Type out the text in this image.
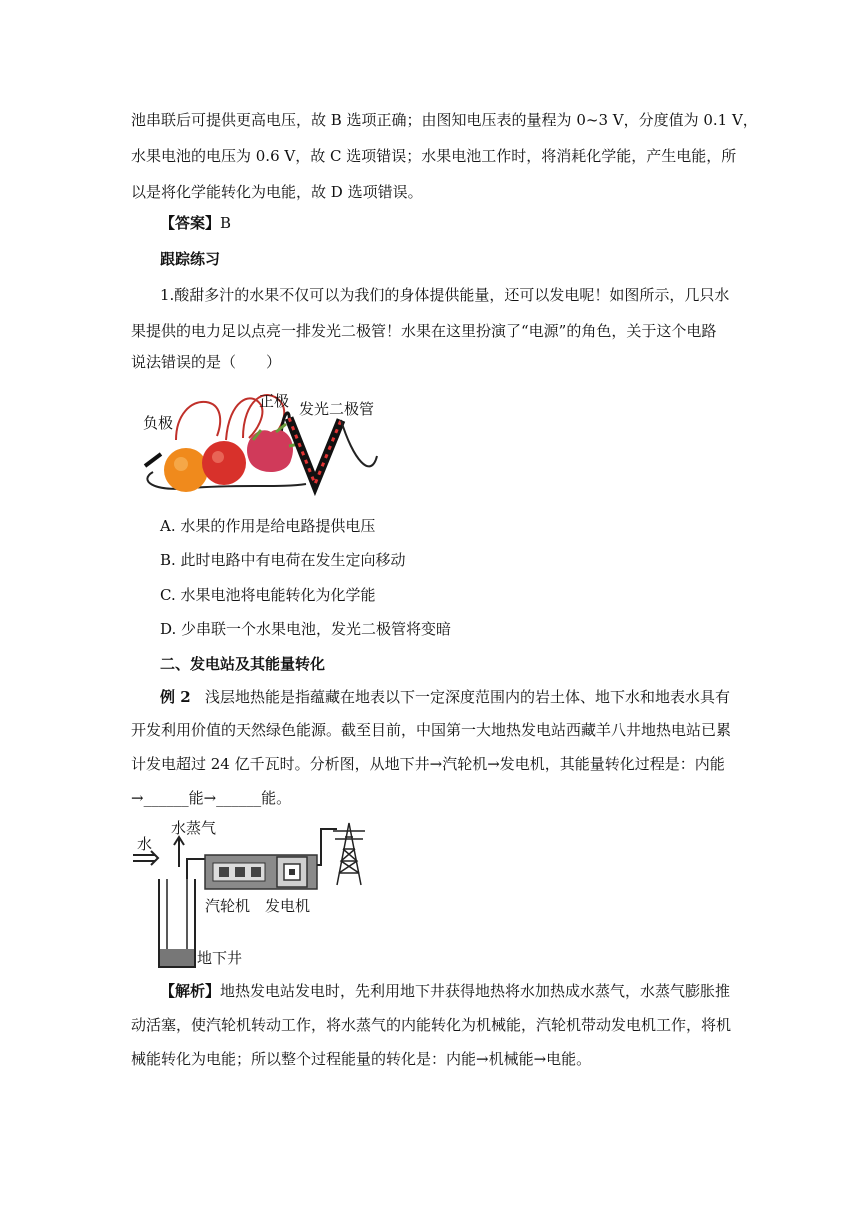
池串联后可提供更高电压，故 B 选项正确；由图知电压表的量程为 0~3 V，分度值为 0.1 V，
水果电池的电压为 0.6 V，故 C 选项错误；水果电池工作时，将消耗化学能，产生电能，所
以是将化学能转化为电能，故 D 选项错误。
【答案】B
跟踪练习
1.酸甜多汁的水果不仅可以为我们的身体提供能量，还可以发电呢！如图所示，几只水
果提供的电力足以点亮一排发光二极管！水果在这里扮演了“电源”的角色，关于这个电路
说法错误的是（　　）
负极
正极 发光二极管
A. 水果的作用是给电路提供电压
B. 此时电路中有电荷在发生定向移动
C. 水果电池将电能转化为化学能
D. 少串联一个水果电池，发光二极管将变暗
二、发电站及其能量转化
例 2 浅层地热能是指蕴藏在地表以下一定深度范围内的岩土体、地下水和地表水具有
开发利用价值的天然绿色能源。截至目前，中国第一大地热发电站西藏羊八井地热电站已累
计发电超过 24 亿千瓦时。分析图，从地下井→汽轮机→发电机，其能量转化过程是：内能
→______能→______能。
水蒸气
水
汽轮机 发电机
地下井
【解析】地热发电站发电时，先利用地下井获得地热将水加热成水蒸气，水蒸气膨胀推
动活塞，使汽轮机转动工作，将水蒸气的内能转化为机械能，汽轮机带动发电机工作，将机
械能转化为电能；所以整个过程能量的转化是：内能→机械能→电能。
